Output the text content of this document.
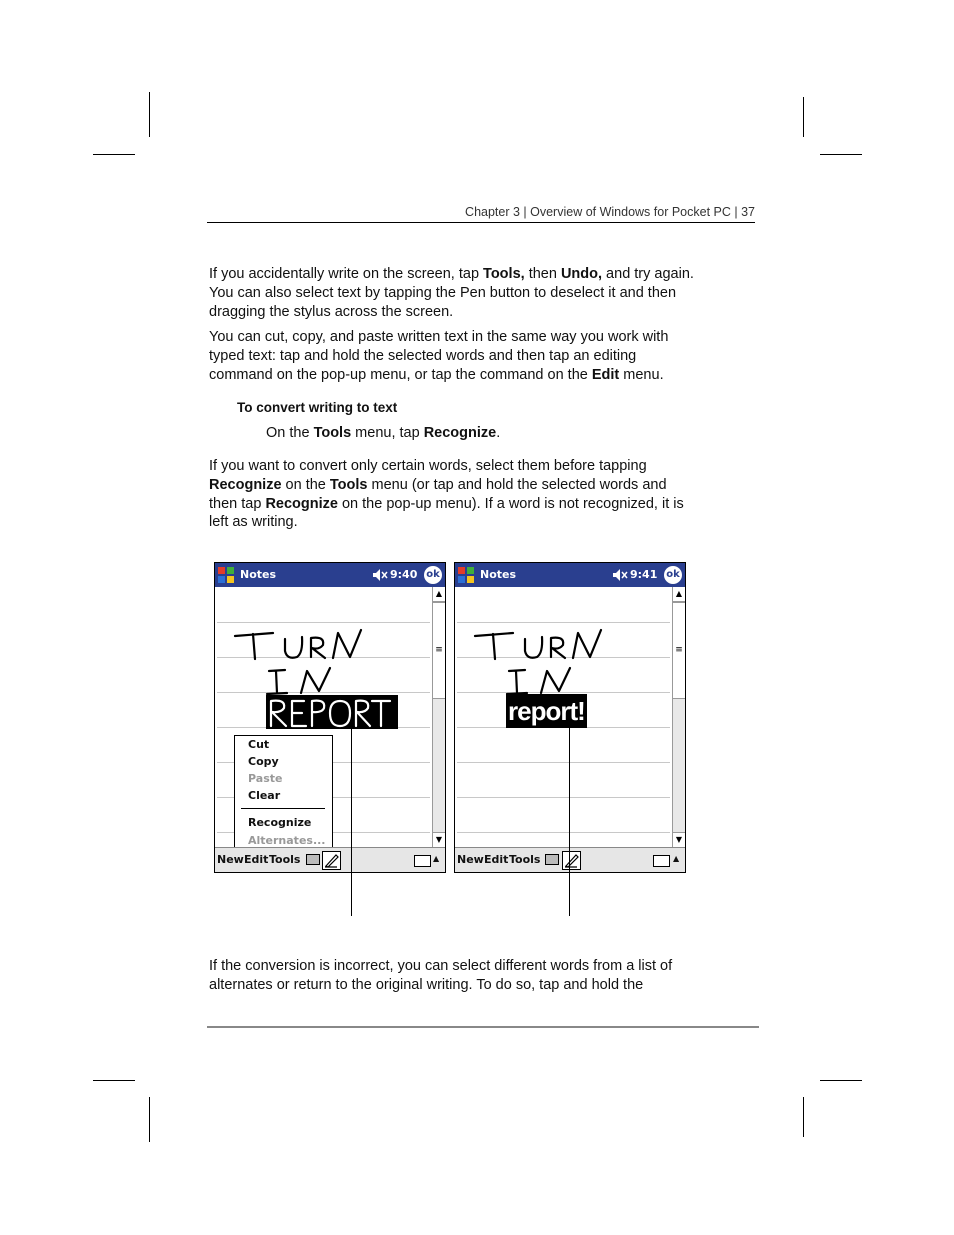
Chapter 3 | Overview of Windows for Pocket PC | 37

If you accidentally write on the screen, tap Tools, then Undo, and try again. You can also select text by tapping the Pen button to deselect it and then dragging the stylus across the screen.

You can cut, copy, and paste written text in the same way you work with typed text: tap and hold the selected words and then tap an editing command on the pop-up menu, or tap the command on the Edit menu.

To convert writing to text
On the Tools menu, tap Recognize.

If you want to convert only certain words, select them before tapping Recognize on the Tools menu (or tap and hold the selected words and then tap Recognize on the pop-up menu). If a word is not recognized, it is left as writing.

Notes	9:40 ok
▲
≡
▼
Cut
Copy
Paste
Clear
Recognize
Alternates...
New Edit Tools	▲
Notes	9:41 ok
report!
▲
≡
▼
New Edit Tools	▲

If the conversion is incorrect, you can select different words from a list of alternates or return to the original writing. To do so, tap and hold the
